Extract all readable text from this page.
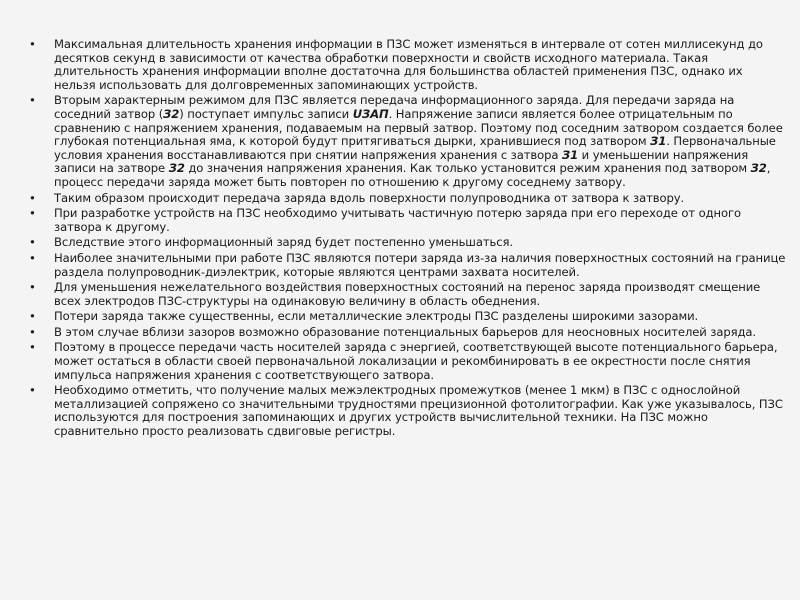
•	Максимальная длительность хранения информации в ПЗС может изменяться в интервале от сотен миллисекунд до десятков секунд в зависимости от качества обработки поверхности и свойств исходного материала. Такая длительность хранения информации вполне достаточна для большинства областей применения ПЗС, однако их нельзя использовать для долговременных запоминающих устройств.
•	Вторым характерным режимом для ПЗС является передача информационного заряда. Для передачи заряда на соседний затвор (З2) поступает импульс записи UЗАП. Напряжение записи является более отрицательным по сравнению с напряжением хранения, подаваемым на первый затвор. Поэтому под соседним затвором создается более глубокая потенциальная яма, к которой будут притягиваться дырки, хранившиеся под затвором З1. Первоначальные условия хранения восстанавливаются при снятии напряжения хранения с затвора З1 и уменьшении напряжения записи на затворе З2 до значения напряжения хранения. Как только установится режим хранения под затвором З2, процесс передачи заряда может быть повторен по отношению к другому соседнему затвору.
•	Таким образом происходит передача заряда вдоль поверхности полупроводника от затвора к затвору.
•	При разработке устройств на ПЗС необходимо учитывать частичную потерю заряда при его переходе от одного затвора к другому.
•	Вследствие этого информационный заряд будет постепенно уменьшаться.
•	Наиболее значительными при работе ПЗС являются потери заряда из-за наличия поверхностных состояний на границе раздела полупроводник-диэлектрик, которые являются центрами захвата носителей.
•	Для уменьшения нежелательного воздействия поверхностных состояний на перенос заряда производят смещение всех электродов ПЗС-структуры на одинаковую величину в область обеднения.
•	Потери заряда также существенны, если металлические электроды ПЗС разделены широкими зазорами.
•	В этом случае вблизи зазоров возможно образование потенциальных барьеров для неосновных носителей заряда.
•	Поэтому в процессе передачи часть носителей заряда с энергией, соответствующей высоте потенциального барьера, может остаться в области своей первоначальной локализации и рекомбинировать в ее окрестности после снятия импульса напряжения хранения с соответствующего затвора.
•	Необходимо отметить, что получение малых межэлектродных промежутков (менее 1 мкм) в ПЗС с однослойной металлизацией сопряжено со значительными трудностями прецизионной фотолитографии. Как уже указывалось, ПЗС используются для построения запоминающих и других устройств вычислительной техники. На ПЗС можно сравнительно просто реализовать сдвиговые регистры.
